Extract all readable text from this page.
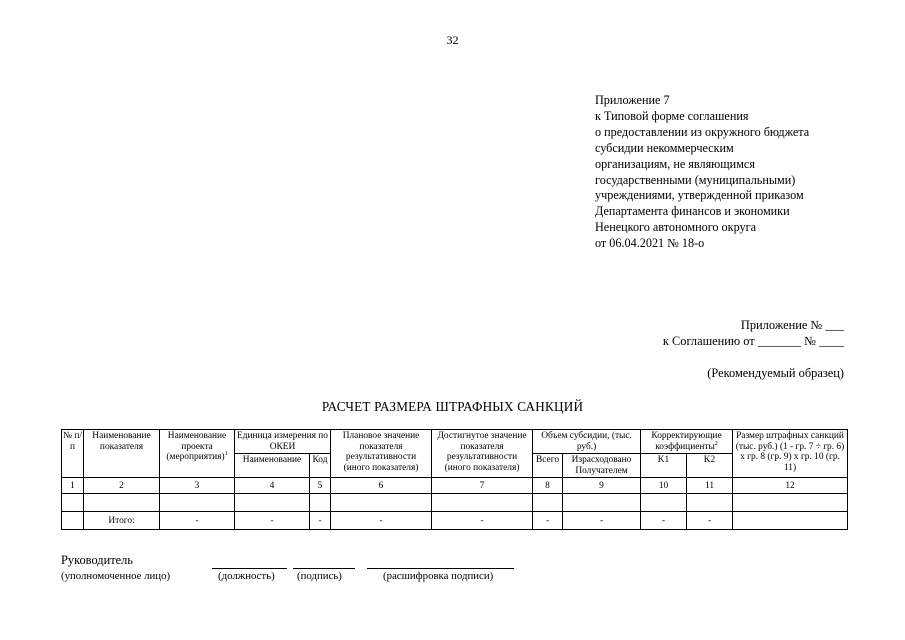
32
Приложение 7
к Типовой форме соглашения
о предоставлении из окружного бюджета
субсидии некоммерческим
организациям, не являющимся
государственными (муниципальными)
учреждениями, утвержденной приказом
Департамента финансов и экономики
Ненецкого автономного округа
от 06.04.2021 № 18-о
Приложение № ___
к Соглашению от _______ № ____
(Рекомендуемый образец)
РАСЧЕТ РАЗМЕРА ШТРАФНЫХ САНКЦИЙ
№ п/п	Наименование показателя	Наименование проекта (мероприятия)$^1$	Единица измерения по ОКЕИ		Плановое значение показателя результативности (иного показателя)	Достигнутое значение показателя результативности (иного показателя)	Объем субсидии, (тыс. руб.)		Корректирующие коэффициенты$^2$		Размер штрафных санкций (тыс. руб.) (1 - гр. 7 ÷ гр. 6) x гр. 8 (гр. 9) x гр. 10 (гр. 11)
			Наименование	Код			Всего	Израсходовано Получателем	K1	K2	
1	2	3	4	5	6	7	8	9	10	11	12

	Итого:	-	-	-	-	-	-	-	-	-	
Руководитель
(уполномоченное лицо)	(должность) (подпись)	(расшифровка подписи)
